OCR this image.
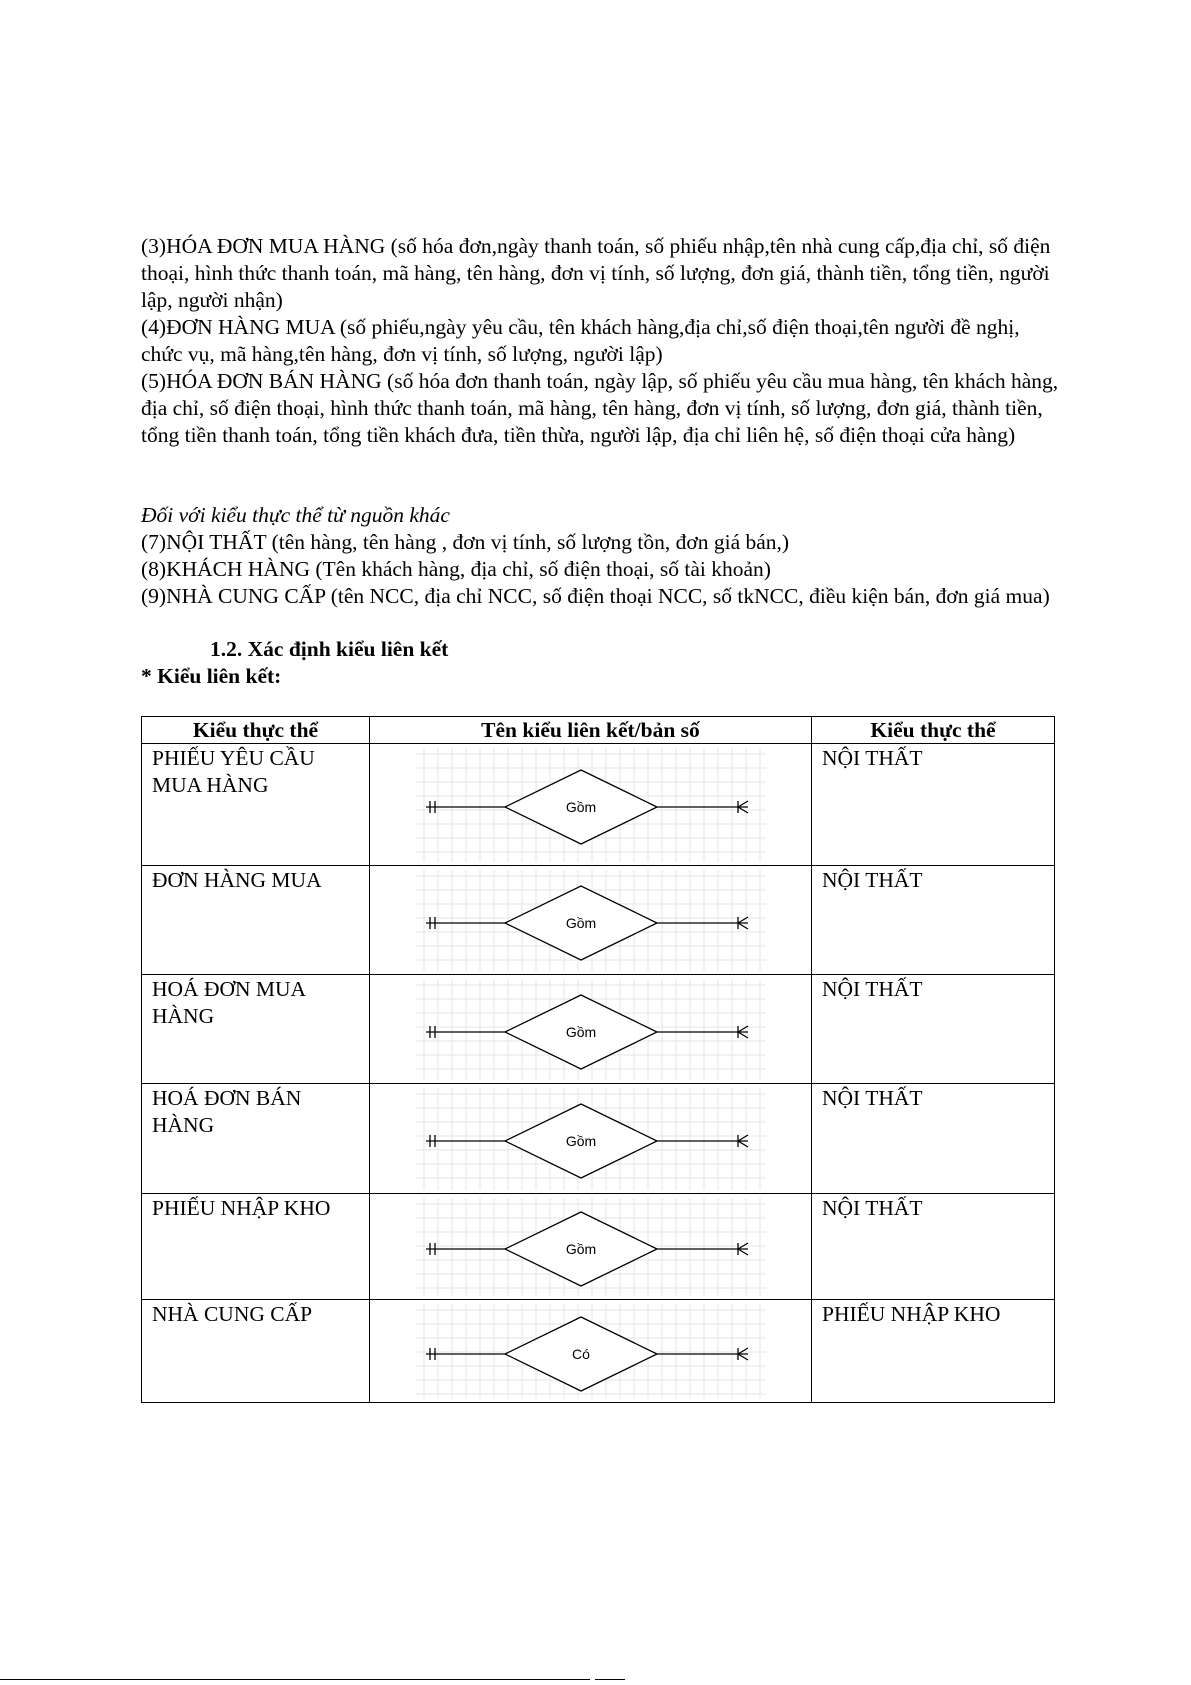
(3)HÓA ĐƠN MUA HÀNG (số hóa đơn,ngày thanh toán, số phiếu nhập,tên nhà cung cấp,địa chỉ, số điện thoại, hình thức thanh toán, mã hàng, tên hàng, đơn vị tính, số lượng, đơn giá, thành tiền, tổng tiền, người lập, người nhận)

(4)ĐƠN HÀNG MUA (số phiếu,ngày yêu cầu, tên khách hàng,địa chỉ,số điện thoại,tên người đề nghị, chức vụ, mã hàng,tên hàng, đơn vị tính, số lượng, người lập)

(5)HÓA ĐƠN BÁN HÀNG (số hóa đơn thanh toán, ngày lập, số phiếu yêu cầu mua hàng, tên khách hàng, địa chỉ, số điện thoại, hình thức thanh toán, mã hàng, tên hàng, đơn vị tính, số lượng, đơn giá, thành tiền, tổng tiền thanh toán, tổng tiền khách đưa, tiền thừa, người lập, địa chỉ liên hệ, số điện thoại cửa hàng)

Đối với kiểu thực thể từ nguồn khác

(7)NỘI THẤT (tên hàng, tên hàng , đơn vị tính, số lượng tồn, đơn giá bán,)

(8)KHÁCH HÀNG (Tên khách hàng, địa chỉ, số điện thoại, số tài khoản)

(9)NHÀ CUNG CẤP (tên NCC, địa chỉ NCC, số điện thoại NCC, số tkNCC, điều kiện bán, đơn giá mua)

1.2. Xác định kiểu liên kết

* Kiểu liên kết:

Kiểu thực thể	Tên kiểu liên kết/bản số	Kiểu thực thể
PHIẾU YÊU CẦU MUA HÀNG	Gồm	NỘI THẤT
ĐƠN HÀNG MUA	Gồm	NỘI THẤT
HOÁ ĐƠN MUA HÀNG	Gồm	NỘI THẤT
HOÁ ĐƠN BÁN HÀNG	Gồm	NỘI THẤT
PHIẾU NHẬP KHO	Gồm	NỘI THẤT
NHÀ CUNG CẤP	Có	PHIẾU NHẬP KHO
